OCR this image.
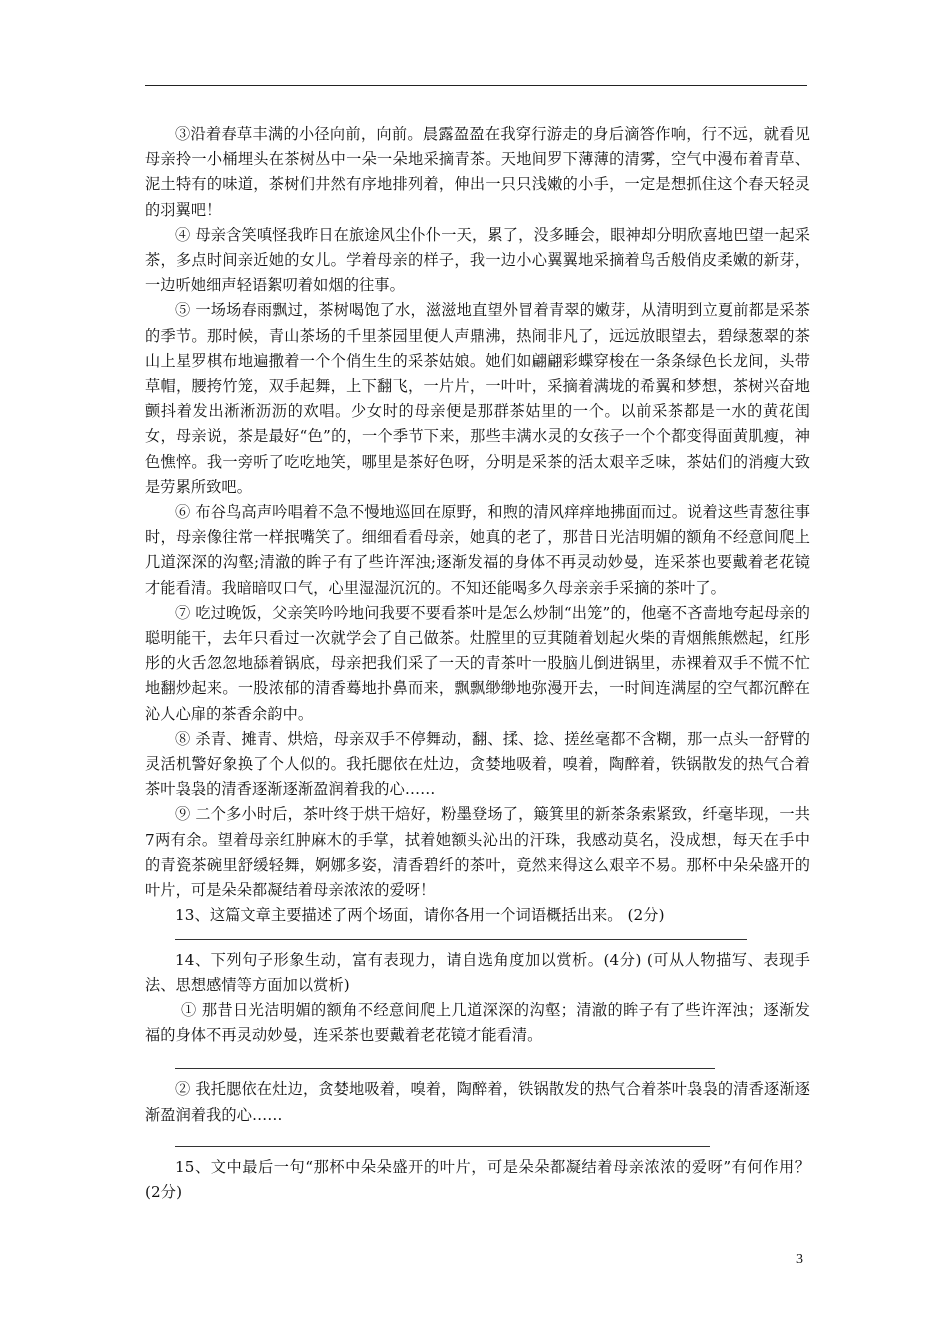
③沿着春草丰满的小径向前，向前。晨露盈盈在我穿行游走的身后滴答作响，行不远，就看见母亲拎一小桶埋头在茶树丛中一朵一朵地采摘青茶。天地间罗下薄薄的清雾，空气中漫布着青草、泥土特有的味道，茶树们井然有序地排列着，伸出一只只浅嫩的小手，一定是想抓住这个春天轻灵的羽翼吧！

④ 母亲含笑嗔怪我昨日在旅途风尘仆仆一天，累了，没多睡会，眼神却分明欣喜地巴望一起采茶，多点时间亲近她的女儿。学着母亲的样子，我一边小心翼翼地采摘着鸟舌般俏皮柔嫩的新芽，一边听她细声轻语絮叨着如烟的往事。

⑤ 一场场春雨飘过，茶树喝饱了水，滋滋地直望外冒着青翠的嫩芽，从清明到立夏前都是采茶的季节。那时候，青山茶场的千里茶园里便人声鼎沸，热闹非凡了，远远放眼望去，碧绿葱翠的茶山上星罗棋布地遍撒着一个个俏生生的采茶姑娘。她们如翩翩彩蝶穿梭在一条条绿色长龙间，头带草帽，腰挎竹笼，双手起舞，上下翻飞，一片片，一叶叶，采摘着满垅的希翼和梦想，茶树兴奋地颤抖着发出淅淅沥沥的欢唱。少女时的母亲便是那群茶姑里的一个。以前采茶都是一水的黄花闺女，母亲说，茶是最好“色”的，一个季节下来，那些丰满水灵的女孩子一个个都变得面黄肌瘦，神色憔悴。我一旁听了吃吃地笑，哪里是茶好色呀，分明是采茶的活太艰辛乏味，茶姑们的消瘦大致是劳累所致吧。

⑥ 布谷鸟高声吟唱着不急不慢地巡回在原野，和煦的清风痒痒地拂面而过。说着这些青葱往事时，母亲像往常一样抿嘴笑了。细细看看母亲，她真的老了，那昔日光洁明媚的额角不经意间爬上几道深深的沟壑;清澈的眸子有了些许浑浊;逐渐发福的身体不再灵动妙曼，连采茶也要戴着老花镜才能看清。我暗暗叹口气，心里湿湿沉沉的。不知还能喝多久母亲亲手采摘的茶叶了。

⑦ 吃过晚饭，父亲笑吟吟地问我要不要看茶叶是怎么炒制“出笼”的，他毫不吝啬地夸起母亲的聪明能干，去年只看过一次就学会了自己做茶。灶膛里的豆萁随着划起火柴的青烟熊熊燃起，红彤彤的火舌忽忽地舔着锅底，母亲把我们采了一天的青茶叶一股脑儿倒进锅里，赤裸着双手不慌不忙地翻炒起来。一股浓郁的清香蓦地扑鼻而来，飘飘缈缈地弥漫开去，一时间连满屋的空气都沉醉在沁人心扉的茶香余韵中。

⑧ 杀青、摊青、烘焙，母亲双手不停舞动，翻、揉、捻、搓丝毫都不含糊，那一点头一舒臂的灵活机警好象换了个人似的。我托腮依在灶边，贪婪地吸着，嗅着，陶醉着，铁锅散发的热气合着茶叶袅袅的清香逐渐逐渐盈润着我的心……

⑨ 二个多小时后，茶叶终于烘干焙好，粉墨登场了，簸箕里的新茶条索紧致，纤毫毕现，一共7两有余。望着母亲红肿麻木的手掌，拭着她额头沁出的汗珠，我感动莫名，没成想，每天在手中的青瓷茶碗里舒缓轻舞，婀娜多姿，清香碧纤的茶叶，竟然来得这么艰辛不易。那杯中朵朵盛开的叶片，可是朵朵都凝结着母亲浓浓的爱呀！

13、这篇文章主要描述了两个场面，请你各用一个词语概括出来。 (2分)

14、下列句子形象生动，富有表现力，请自选角度加以赏析。(4分) (可从人物描写、表现手法、思想感情等方面加以赏析)

① 那昔日光洁明媚的额角不经意间爬上几道深深的沟壑；清澈的眸子有了些许浑浊；逐渐发福的身体不再灵动妙曼，连采茶也要戴着老花镜才能看清。

② 我托腮依在灶边，贪婪地吸着，嗅着，陶醉着，铁锅散发的热气合着茶叶袅袅的清香逐渐逐渐盈润着我的心……

15、文中最后一句“那杯中朵朵盛开的叶片，可是朵朵都凝结着母亲浓浓的爱呀”有何作用？ (2分)

3
